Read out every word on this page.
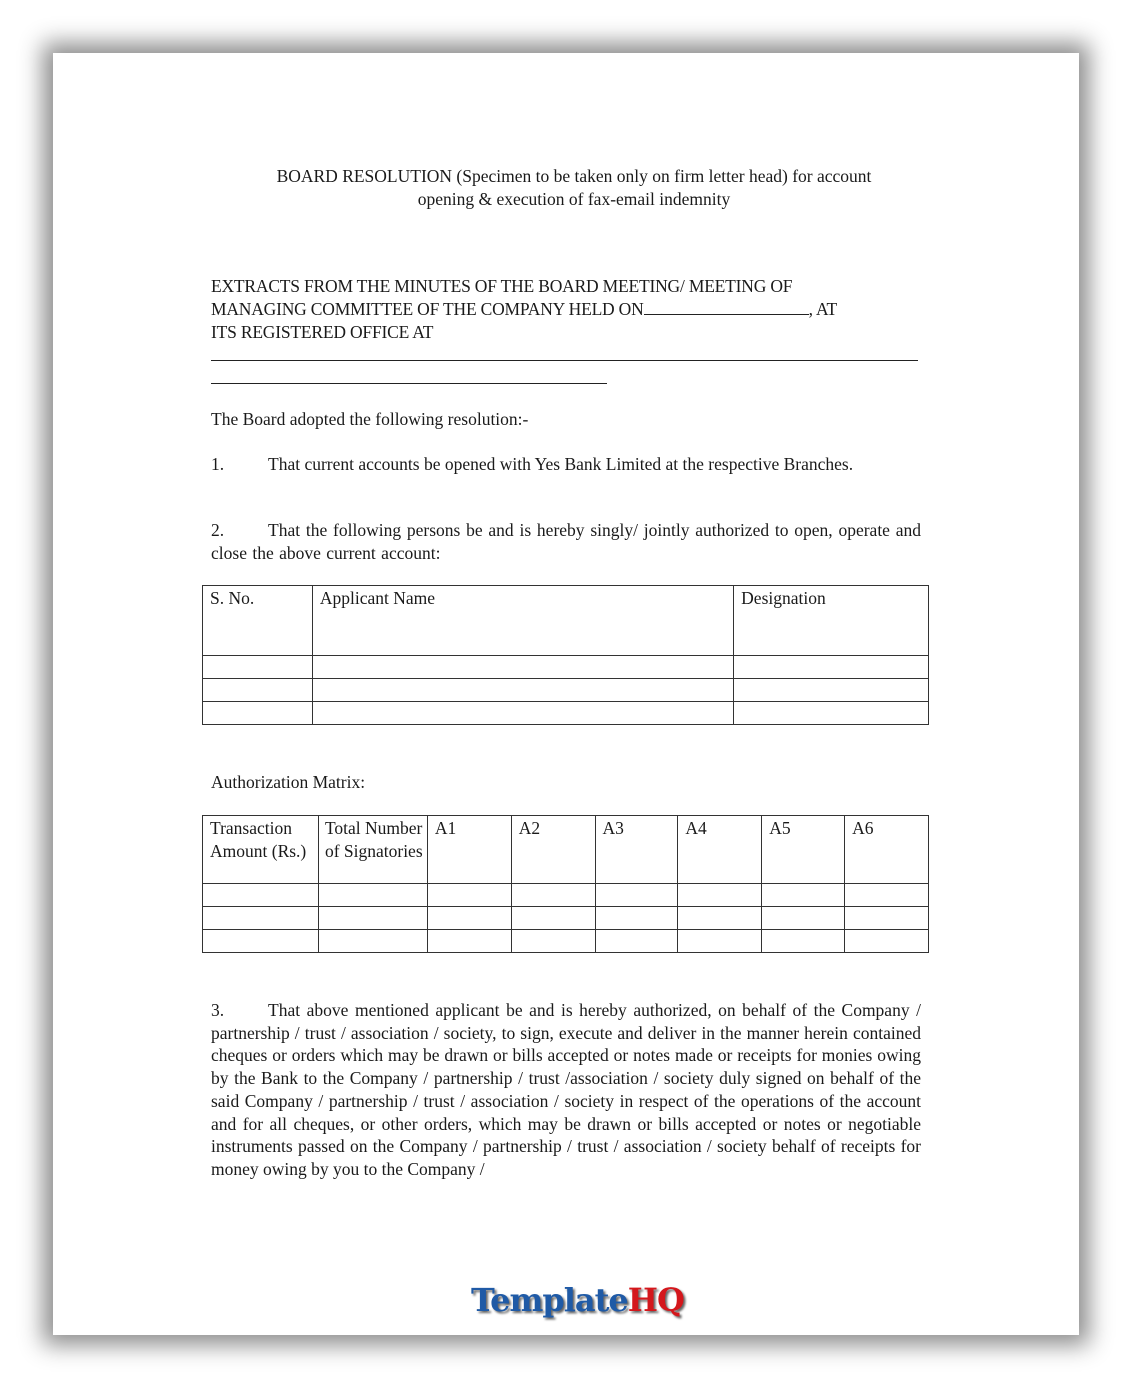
BOARD RESOLUTION (Specimen to be taken only on firm letter head) for account
opening & execution of fax-email indemnity
EXTRACTS FROM THE MINUTES OF THE BOARD MEETING/ MEETING OF
MANAGING COMMITTEE OF THE COMPANY HELD ON	, AT
ITS REGISTERED OFFICE AT
The Board adopted the following resolution:-
1.	That current accounts be opened with Yes Bank Limited at the respective Branches.
2.	That the following persons be and is hereby singly/ jointly authorized to open, operate and close the above current account:
S. No.	Applicant Name	Designation

Authorization Matrix:
Transaction Amount (Rs.)	Total Number of Signatories	A1	A2	A3	A4	A5	A6

3.	That above mentioned applicant be and is hereby authorized, on behalf of the Company / partnership / trust / association / society, to sign, execute and deliver in the manner herein contained cheques or orders which may be drawn or bills accepted or notes made or receipts for monies owing by the Bank to the Company / partnership / trust /association / society duly signed on behalf of the said Company / partnership / trust / association / society in respect of the operations of the account and for all cheques, or other orders, which may be drawn or bills accepted or notes or negotiable instruments passed on the Company / partnership / trust / association / society behalf of receipts for money owing by you to the Company /
TemplateHQ
